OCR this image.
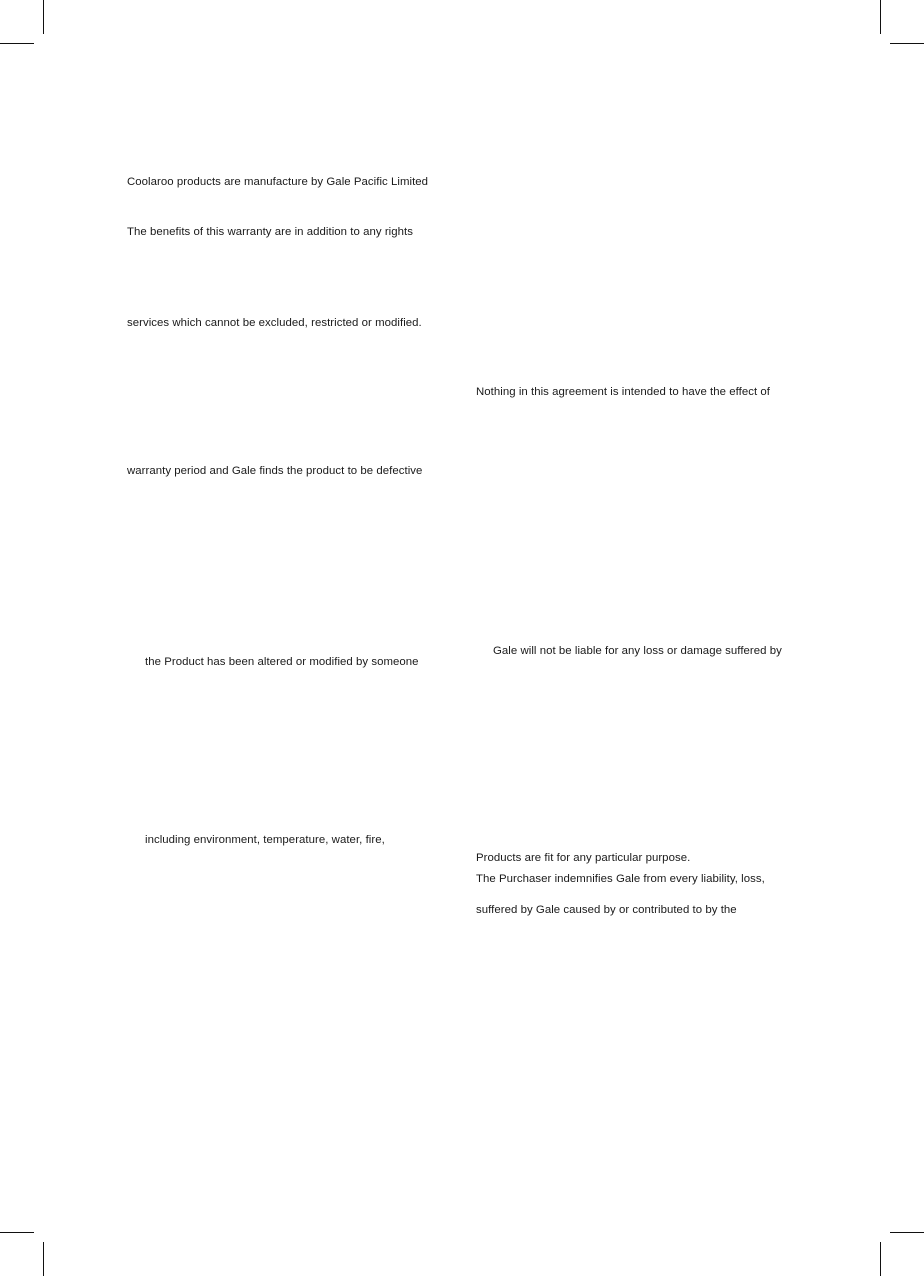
Coolaroo products are manufacture by Gale Pacific Limited

The benefits of this warranty are in addition to any rights

services which cannot be excluded, restricted or modified.

warranty period and Gale finds the product to be defective

the Product has been altered or modified by someone

including environment, temperature, water, fire,

Nothing in this agreement is intended to have the effect of

Gale will not be liable for any loss or damage suffered by

Products are fit for any particular purpose.

The Purchaser indemnifies Gale from every liability, loss,

suffered by Gale caused by or contributed to by the
